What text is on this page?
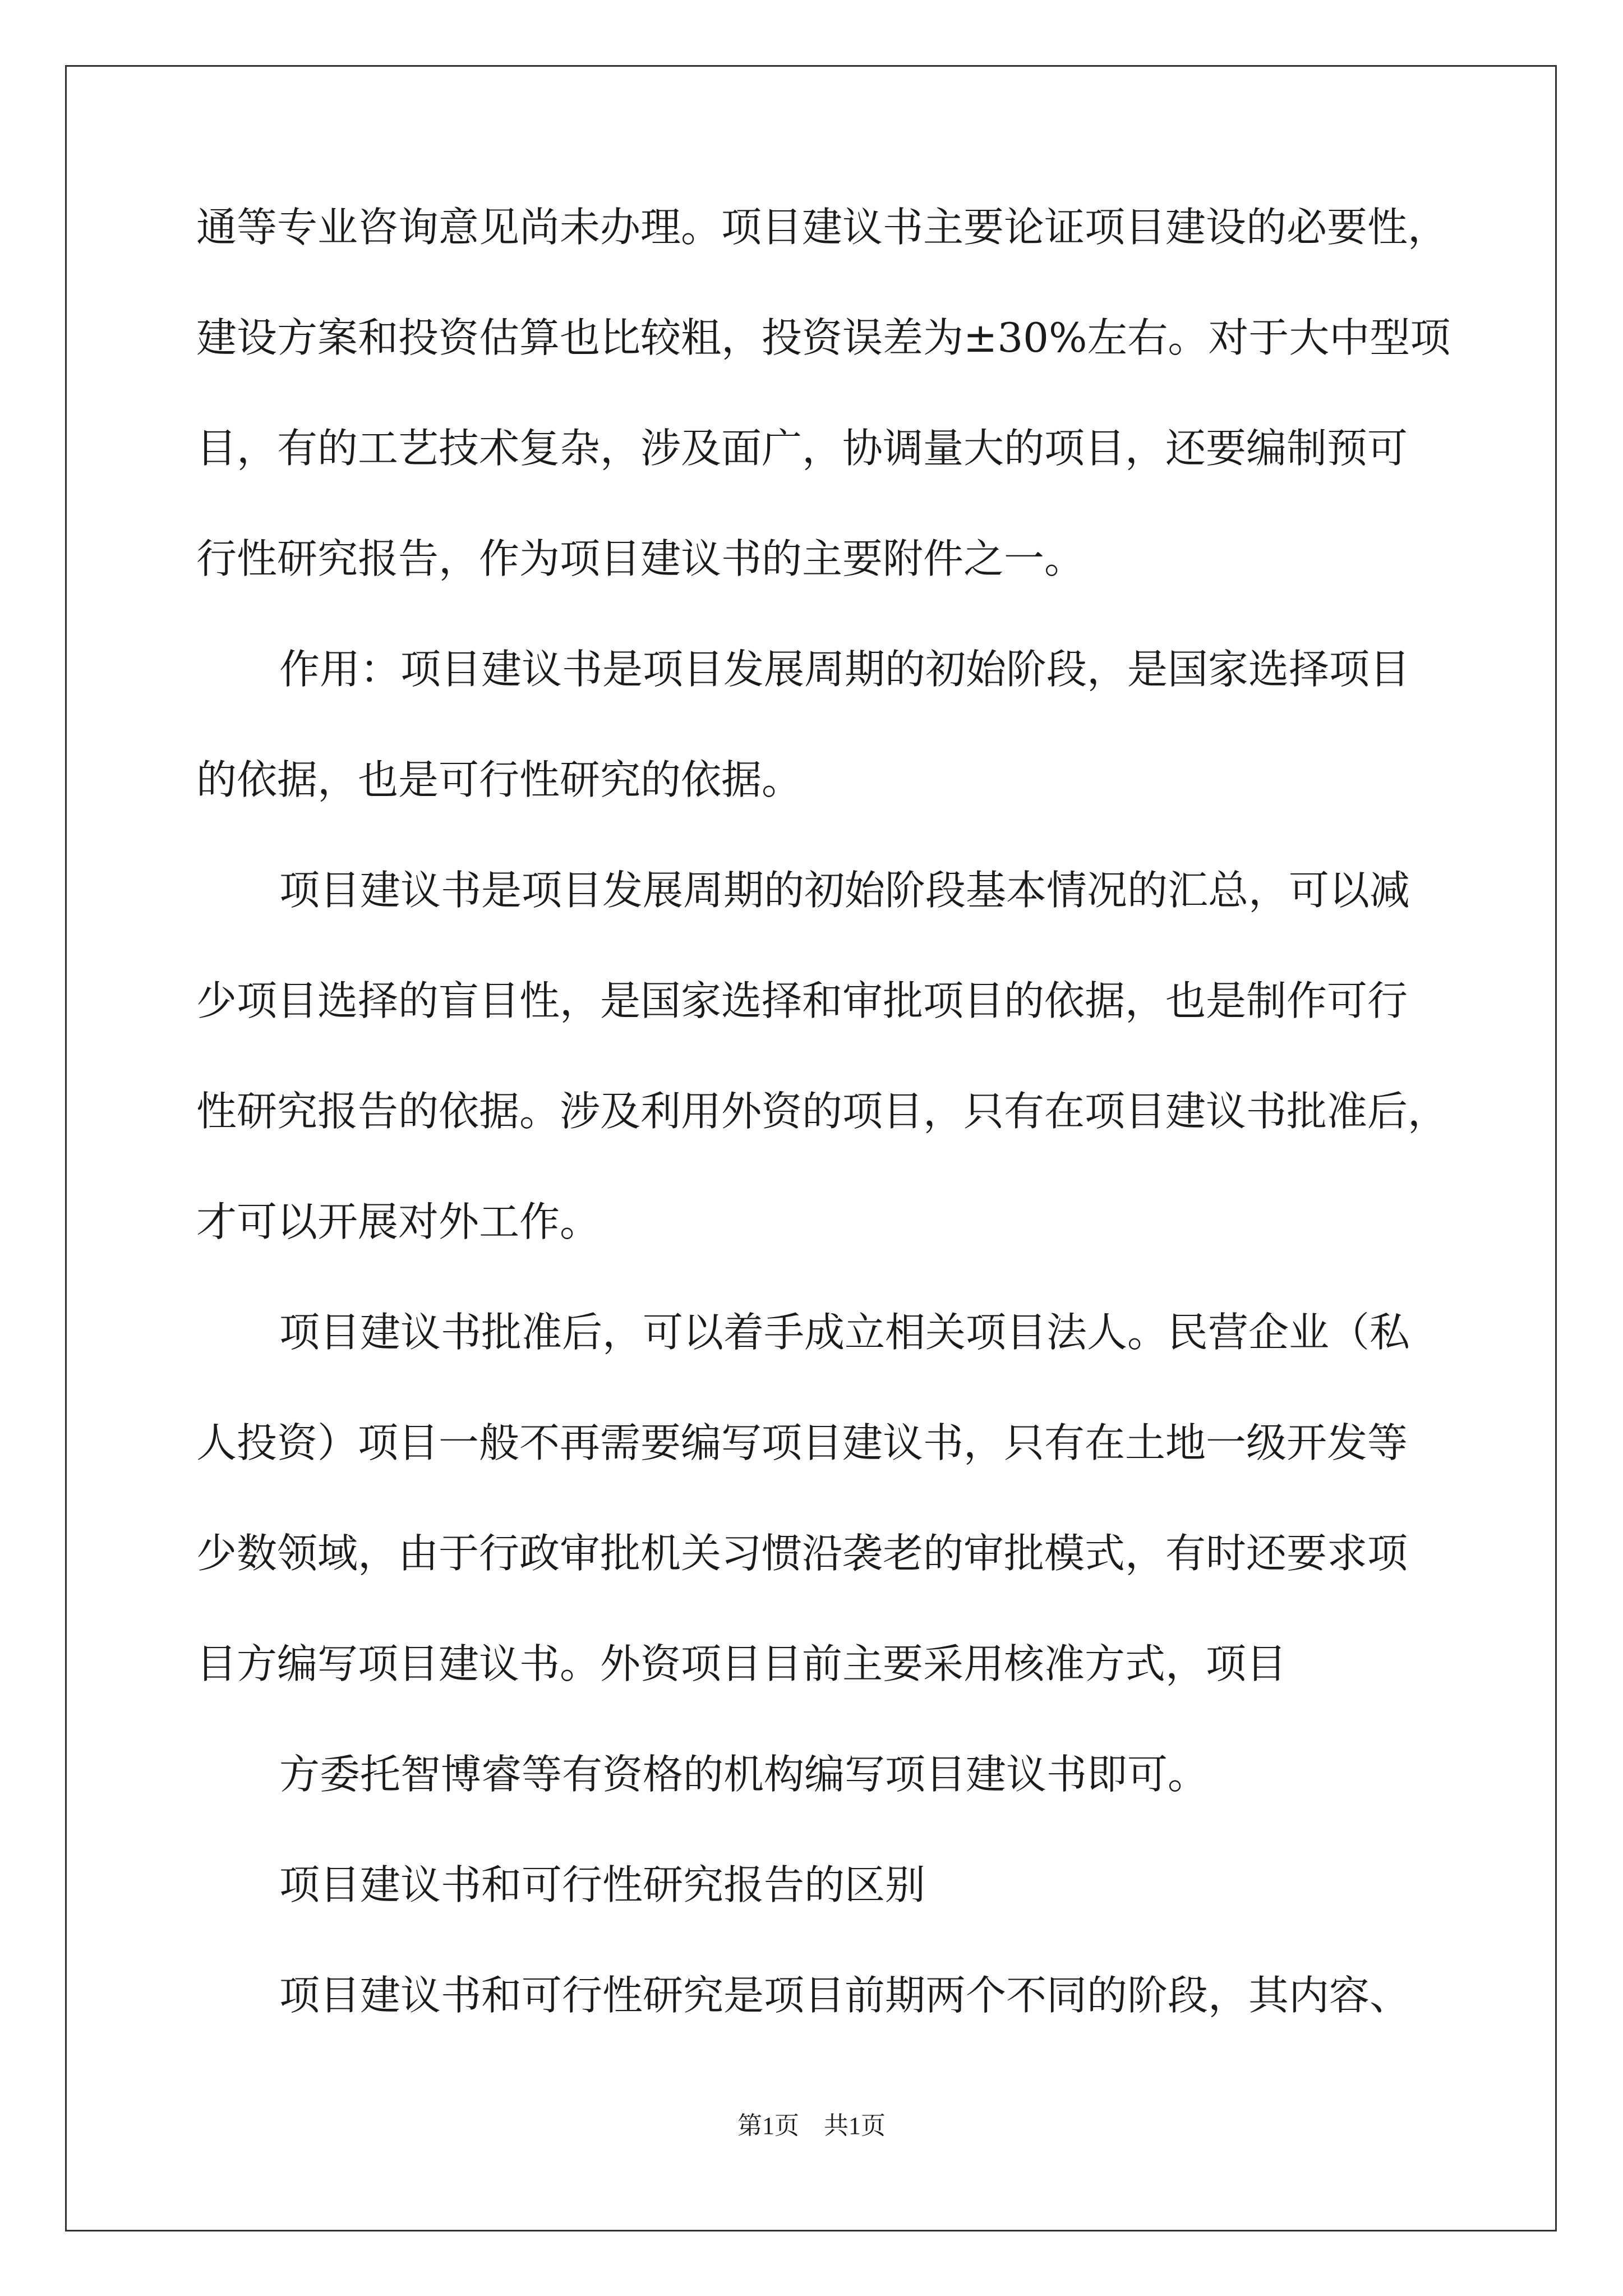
通等专业咨询意见尚未办理。项目建议书主要论证项目建设的必要性，
建设方案和投资估算也比较粗，投资误差为±30%左右。对于大中型项
目，有的工艺技术复杂，涉及面广，协调量大的项目，还要编制预可
行性研究报告，作为项目建议书的主要附件之一。
作用：项目建议书是项目发展周期的初始阶段，是国家选择项目
的依据，也是可行性研究的依据。
项目建议书是项目发展周期的初始阶段基本情况的汇总，可以减
少项目选择的盲目性，是国家选择和审批项目的依据，也是制作可行
性研究报告的依据。涉及利用外资的项目，只有在项目建议书批准后，
才可以开展对外工作。
项目建议书批准后，可以着手成立相关项目法人。民营企业（私
人投资）项目一般不再需要编写项目建议书，只有在土地一级开发等
少数领域，由于行政审批机关习惯沿袭老的审批模式，有时还要求项
目方编写项目建议书。外资项目目前主要采用核准方式，项目
方委托智博睿等有资格的机构编写项目建议书即可。
项目建议书和可行性研究报告的区别
项目建议书和可行性研究是项目前期两个不同的阶段，其内容、
第1页　共1页
